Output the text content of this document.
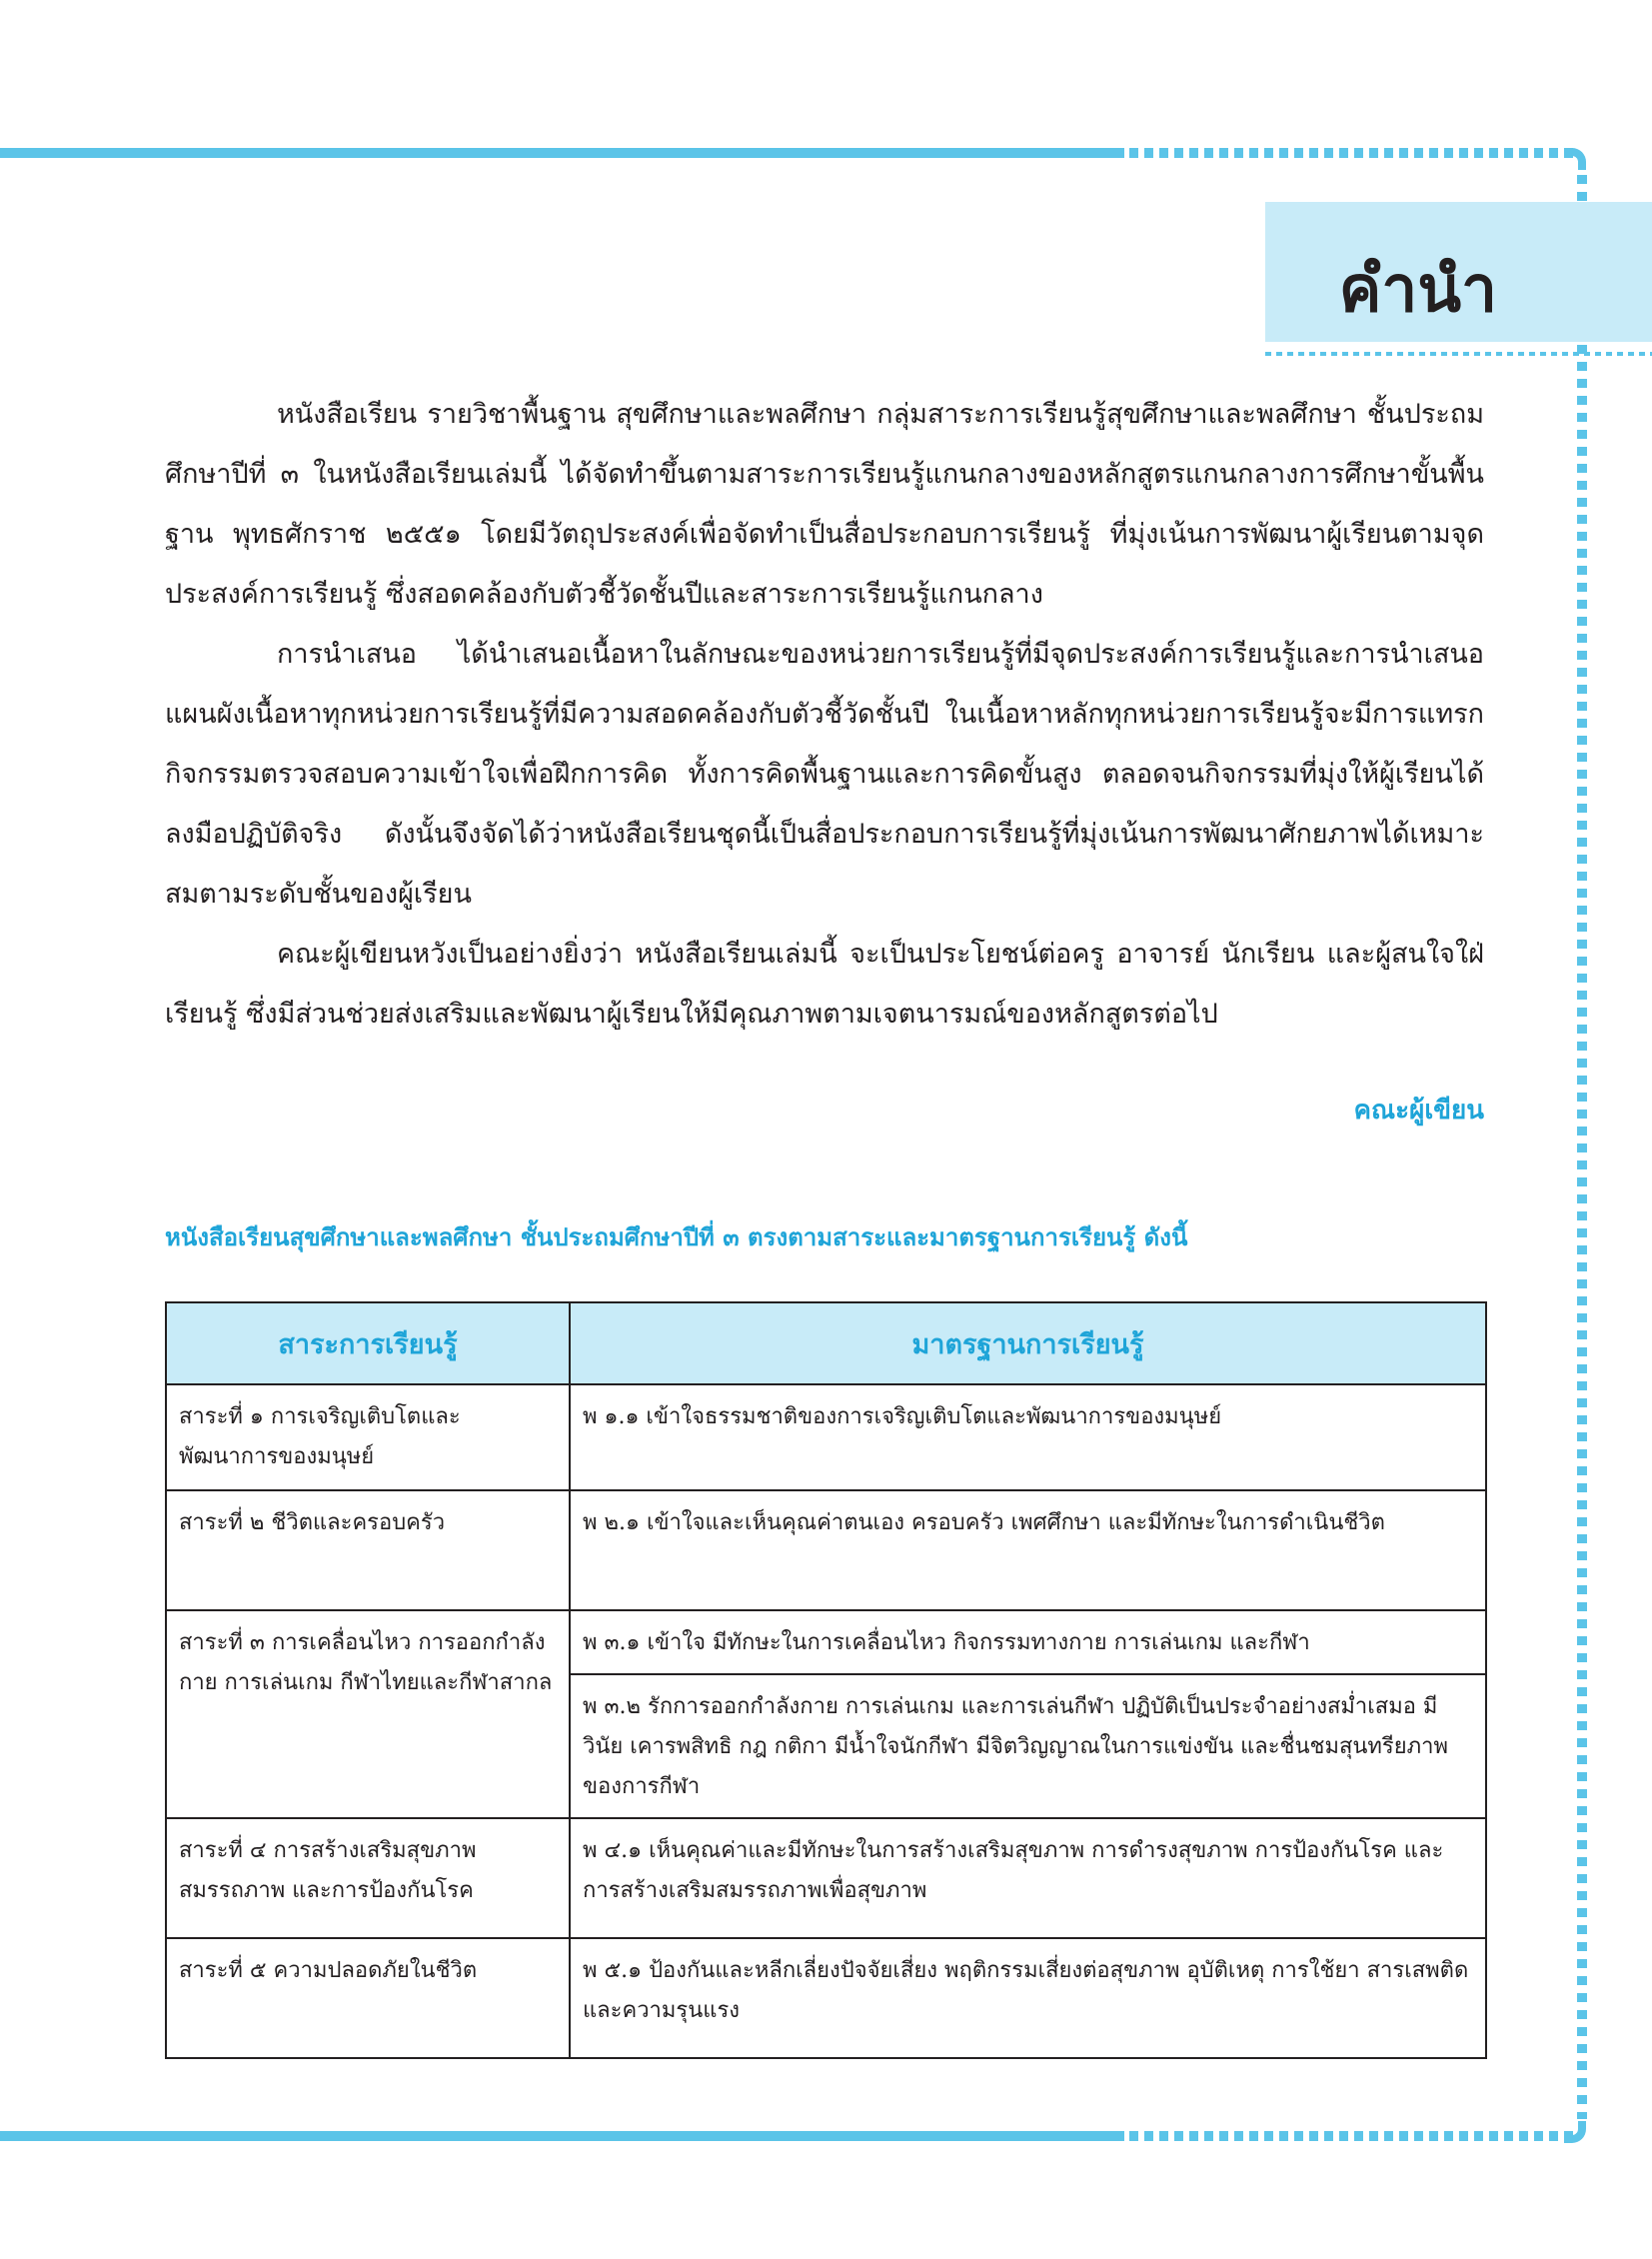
คำนำ

หนังสือเรียน รายวิชาพื้นฐาน สุขศึกษาและพลศึกษา กลุ่มสาระการเรียนรู้สุขศึกษาและพลศึกษา ชั้นประถมศึกษาปีที่ ๓ ในหนังสือเรียนเล่มนี้ ได้จัดทำขึ้นตามสาระการเรียนรู้แกนกลางของหลักสูตรแกนกลางการศึกษาขั้นพื้นฐาน พุทธศักราช ๒๕๕๑ โดยมีวัตถุประสงค์เพื่อจัดทำเป็นสื่อประกอบการเรียนรู้ ที่มุ่งเน้นการพัฒนาผู้เรียนตามจุดประสงค์การเรียนรู้ ซึ่งสอดคล้องกับตัวชี้วัดชั้นปีและสาระการเรียนรู้แกนกลาง

การนำเสนอ ได้นำเสนอเนื้อหาในลักษณะของหน่วยการเรียนรู้ที่มีจุดประสงค์การเรียนรู้และการนำเสนอแผนผังเนื้อหาทุกหน่วยการเรียนรู้ที่มีความสอดคล้องกับตัวชี้วัดชั้นปี ในเนื้อหาหลักทุกหน่วยการเรียนรู้จะมีการแทรกกิจกรรมตรวจสอบความเข้าใจเพื่อฝึกการคิด ทั้งการคิดพื้นฐานและการคิดขั้นสูง ตลอดจนกิจกรรมที่มุ่งให้ผู้เรียนได้ลงมือปฏิบัติจริง ดังนั้นจึงจัดได้ว่าหนังสือเรียนชุดนี้เป็นสื่อประกอบการเรียนรู้ที่มุ่งเน้นการพัฒนาศักยภาพได้เหมาะสมตามระดับชั้นของผู้เรียน

คณะผู้เขียนหวังเป็นอย่างยิ่งว่า หนังสือเรียนเล่มนี้ จะเป็นประโยชน์ต่อครู อาจารย์ นักเรียน และผู้สนใจใฝ่เรียนรู้ ซึ่งมีส่วนช่วยส่งเสริมและพัฒนาผู้เรียนให้มีคุณภาพตามเจตนารมณ์ของหลักสูตรต่อไป

คณะผู้เขียน
หนังสือเรียนสุขศึกษาและพลศึกษา ชั้นประถมศึกษาปีที่ ๓ ตรงตามสาระและมาตรฐานการเรียนรู้ ดังนี้
สาระการเรียนรู้	มาตรฐานการเรียนรู้
สาระที่ ๑ การเจริญเติบโตและพัฒนาการของมนุษย์	พ ๑.๑ เข้าใจธรรมชาติของการเจริญเติบโตและพัฒนาการของมนุษย์
สาระที่ ๒ ชีวิตและครอบครัว	พ ๒.๑ เข้าใจและเห็นคุณค่าตนเอง ครอบครัว เพศศึกษา และมีทักษะในการดำเนินชีวิต
สาระที่ ๓ การเคลื่อนไหว การออกกำลังกาย การเล่นเกม กีฬาไทยและกีฬาสากล	พ ๓.๑ เข้าใจ มีทักษะในการเคลื่อนไหว กิจกรรมทางกาย การเล่นเกม และกีฬา
	พ ๓.๒ รักการออกกำลังกาย การเล่นเกม และการเล่นกีฬา ปฏิบัติเป็นประจำอย่างสม่ำเสมอ มีวินัย เคารพสิทธิ กฎ กติกา มีน้ำใจนักกีฬา มีจิตวิญญาณในการแข่งขัน และชื่นชมสุนทรียภาพของการกีฬา
สาระที่ ๔ การสร้างเสริมสุขภาพ สมรรถภาพ และการป้องกันโรค	พ ๔.๑ เห็นคุณค่าและมีทักษะในการสร้างเสริมสุขภาพ การดำรงสุขภาพ การป้องกันโรค และการสร้างเสริมสมรรถภาพเพื่อสุขภาพ
สาระที่ ๕ ความปลอดภัยในชีวิต	พ ๕.๑ ป้องกันและหลีกเลี่ยงปัจจัยเสี่ยง พฤติกรรมเสี่ยงต่อสุขภาพ อุบัติเหตุ การใช้ยา สารเสพติด และความรุนแรง
